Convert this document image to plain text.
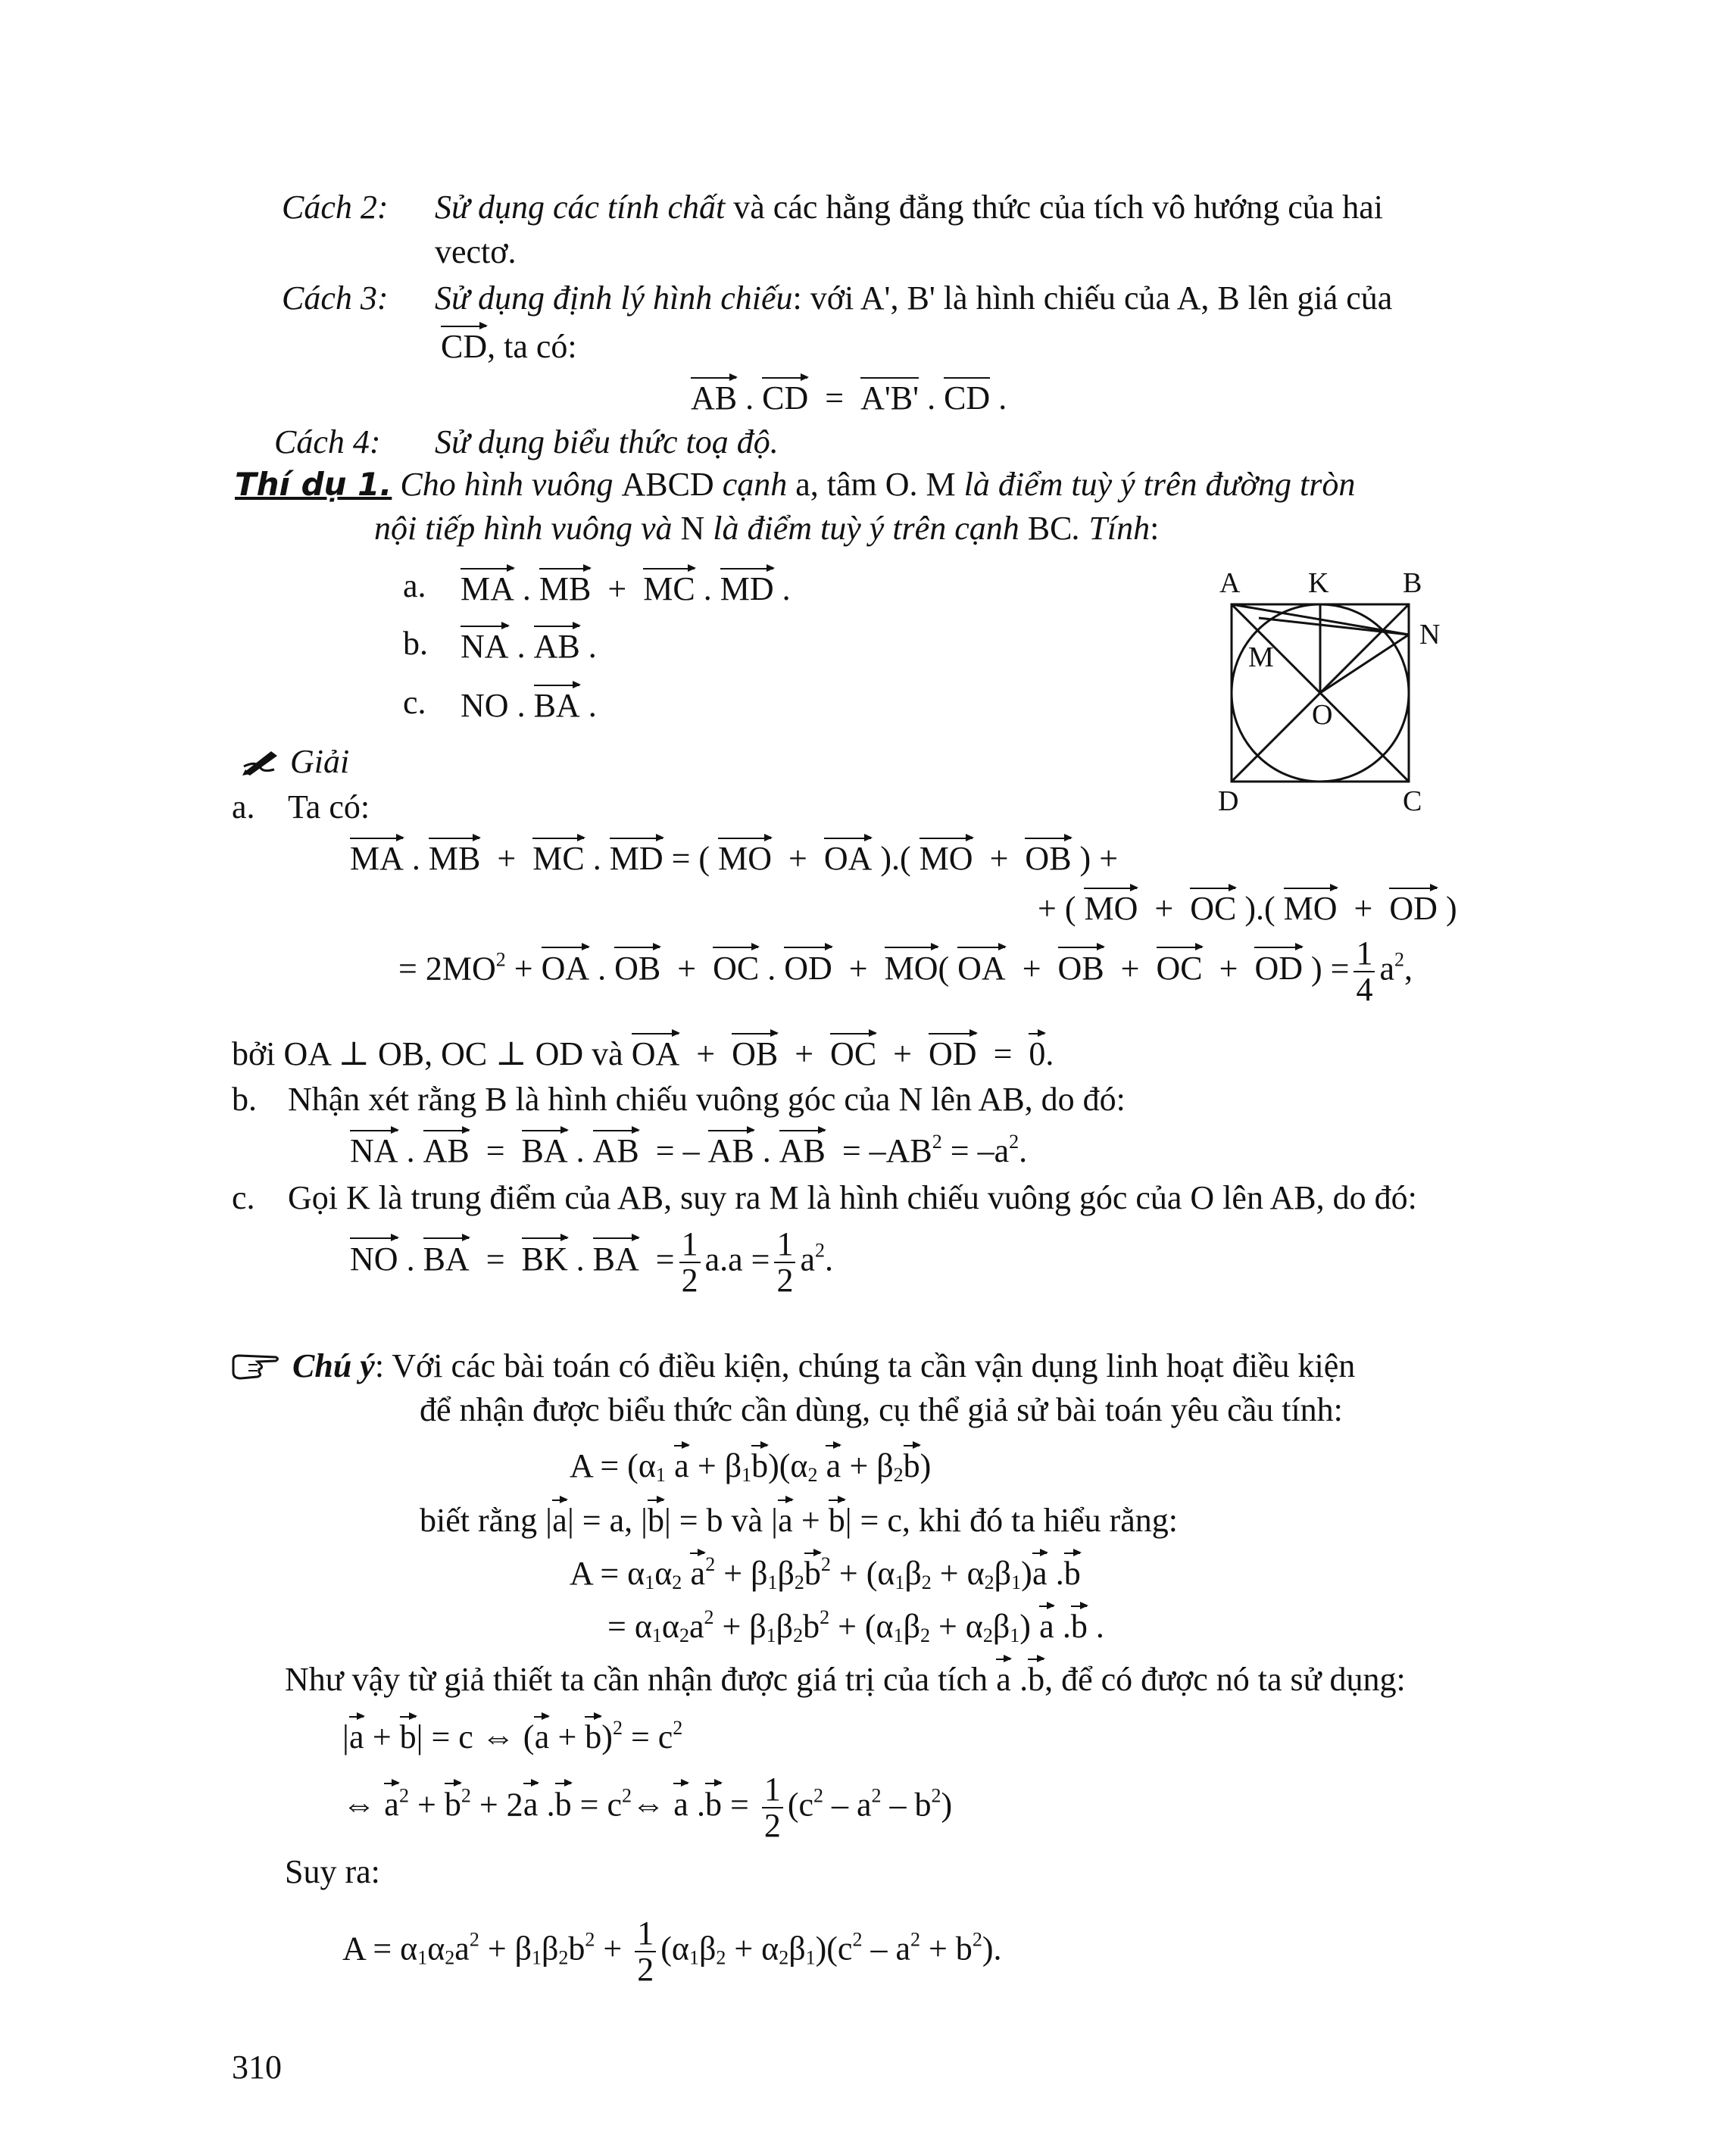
Cách 2: Sử dụng các tính chất và các hằng đẳng thức của tích vô hướng của hai
vectơ.
Cách 3: Sử dụng định lý hình chiếu: với A', B' là hình chiếu của A, B lên giá của
CD, ta có:
AB . CD  =  A'B' . CD .
Cách 4: Sử dụng biểu thức toạ độ.
Thí dụ 1. Cho hình vuông ABCD cạnh a, tâm O. M là điểm tuỳ ý trên đường tròn
nội tiếp hình vuông và N là điểm tuỳ ý trên cạnh BC. Tính:
a. MA . MB  +  MC . MD .
b. NA . AB .
c. NO . BA .
A K	B
N
M
O
D	C
Giải
a. Ta có:
MA . MB  +  MC . MD = ( MO  +  OA ).( MO  +  OB ) +
+ ( MO  +  OC ).( MO  +  OD )
= $2MO^2$ + OA . OB  +  OC . OD  +  MO( OA  +  OB  +  OC  +  OD ) = $\frac{1}{4} a^2$,
bởi OA ⊥ OB, OC ⊥ OD và OA  +  OB  +  OC  +  OD  =  0.
b. Nhận xét rằng B là hình chiếu vuông góc của N lên AB, do đó:
NA . AB  =  BA . AB  = – AB . AB = $-AB^2 = -a^2$.
c. Gọi K là trung điểm của AB, suy ra M là hình chiếu vuông góc của O lên AB, do đó:
NO . BA  =  BK . BA  = $\frac{1}{2} a.a = \frac{1}{2} a^2$.
Chú ý: Với các bài toán có điều kiện, chúng ta cần vận dụng linh hoạt điều kiện
để nhận được biểu thức cần dùng, cụ thể giả sử bài toán yêu cầu tính:
$A = (\alpha_1$ $a + \beta_1b)(\alpha_2$ $a + \beta_2b$)
biết rằng |a| = a, |b| = b và |a + b| = c, khi đó ta hiểu rằng:
$A = \alpha_1\alpha_2$ $a^2 + \beta_1\beta_2b^2 + (\alpha_1\beta_2 + \alpha_2\beta_1)a$ .b
= $\alpha_1\alpha_2a^2 + \beta_1\beta_2b^2 + (\alpha_1\beta_2 + \alpha_2\beta_1)$ a .b .
Như vậy từ giả thiết ta cần nhận được giá trị của tích a .b, để có được nó ta sử dụng:
|a + b| = c ⇔ $(a + b)^2 = c^2$
⇔ $a^2 + b^2 + 2a$ $.b = c^2\Leftrightarrow$ a $.b = \frac{1}{2} (c^2 - a^2 - b^2)$
Suy ra:
$A = \alpha_1\alpha_2a^2 + \beta_1\beta_2b^2 + \frac{1}{2} (\alpha_1\beta_2 + \alpha_2\beta_1)(c^2 - a^2 + b^2)$.
310
